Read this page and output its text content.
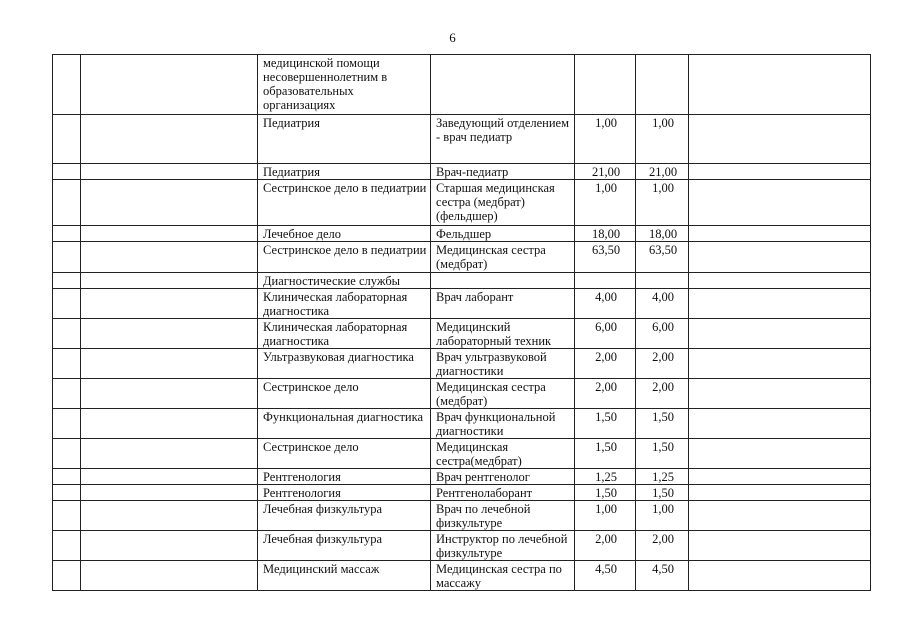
6
		медицинской помощи несовершеннолетним в образовательных организациях				
		Педиатрия	Заведующий отделением - врач педиатр	1,00	1,00	
		Педиатрия	Врач-педиатр	21,00	21,00	
		Сестринское дело в педиатрии	Старшая медицинская сестра (медбрат) (фельдшер)	1,00	1,00	
		Лечебное дело	Фельдшер	18,00	18,00	
		Сестринское дело в педиатрии	Медицинская сестра (медбрат)	63,50	63,50	
		Диагностические службы				
		Клиническая лабораторная диагностика	Врач лаборант	4,00	4,00	
		Клиническая лабораторная диагностика	Медицинский лабораторный техник	6,00	6,00	
		Ультразвуковая диагностика	Врач ультразвуковой диагностики	2,00	2,00	
		Сестринское дело	Медицинская сестра (медбрат)	2,00	2,00	
		Функциональная диагностика	Врач функциональной диагностики	1,50	1,50	
		Сестринское дело	Медицинская сестра(медбрат)	1,50	1,50	
		Рентгенология	Врач рентгенолог	1,25	1,25	
		Рентгенология	Рентгенолаборант	1,50	1,50	
		Лечебная физкультура	Врач по лечебной физкультуре	1,00	1,00	
		Лечебная физкультура	Инструктор по лечебной физкультуре	2,00	2,00	
		Медицинский массаж	Медицинская сестра по массажу	4,50	4,50	
